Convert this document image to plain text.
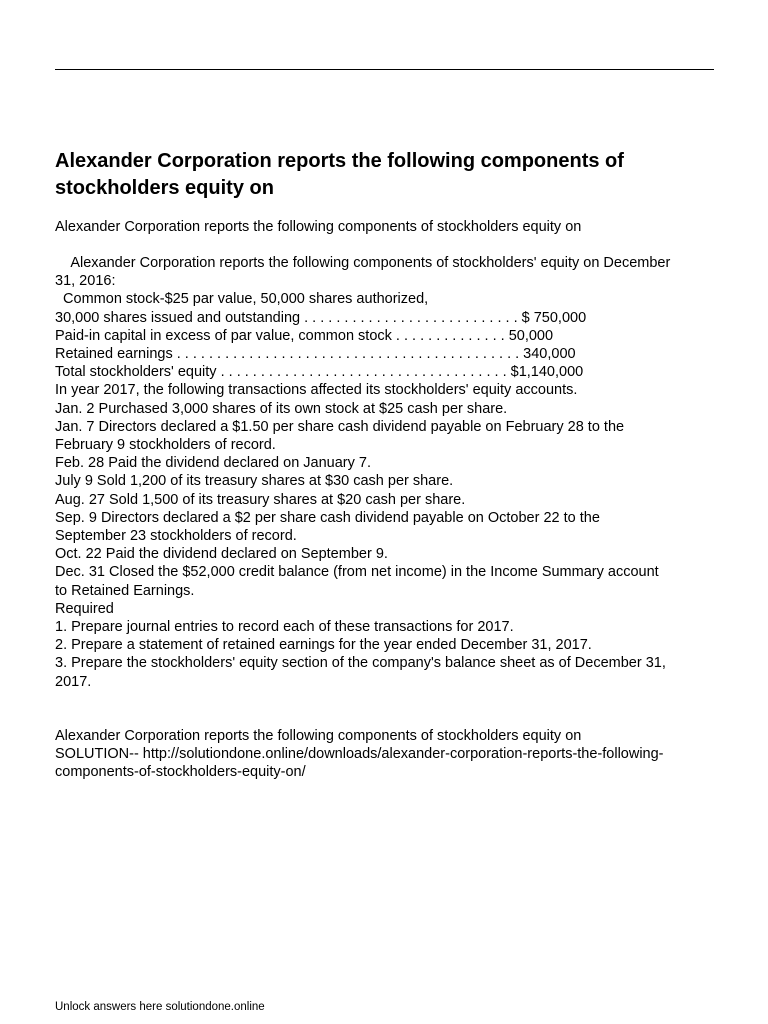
Alexander Corporation reports the following components of stockholders equity on

Alexander Corporation reports the following components of stockholders equity on

Alexander Corporation reports the following components of stockholders' equity on December
31, 2016:
Common stock-$25 par value, 50,000 shares authorized,
30,000 shares issued and outstanding . . . . . . . . . . . . . . . . . . . . . . . . . . . $ 750,000
Paid-in capital in excess of par value, common stock . . . . . . . . . . . . . . 50,000
Retained earnings . . . . . . . . . . . . . . . . . . . . . . . . . . . . . . . . . . . . . . . . . . . 340,000
Total stockholders' equity . . . . . . . . . . . . . . . . . . . . . . . . . . . . . . . . . . . . $1,140,000
In year 2017, the following transactions affected its stockholders' equity accounts.
Jan. 2 Purchased 3,000 shares of its own stock at $25 cash per share.
Jan. 7 Directors declared a $1.50 per share cash dividend payable on February 28 to the
February 9 stockholders of record.
Feb. 28 Paid the dividend declared on January 7.
July 9 Sold 1,200 of its treasury shares at $30 cash per share.
Aug. 27 Sold 1,500 of its treasury shares at $20 cash per share.
Sep. 9 Directors declared a $2 per share cash dividend payable on October 22 to the
September 23 stockholders of record.
Oct. 22 Paid the dividend declared on September 9.
Dec. 31 Closed the $52,000 credit balance (from net income) in the Income Summary account
to Retained Earnings.
Required
1. Prepare journal entries to record each of these transactions for 2017.
2. Prepare a statement of retained earnings for the year ended December 31, 2017.
3. Prepare the stockholders' equity section of the company's balance sheet as of December 31,
2017.
Alexander Corporation reports the following components of stockholders equity on
SOLUTION-- http://solutiondone.online/downloads/alexander-corporation-reports-the-following-
components-of-stockholders-equity-on/
Unlock answers here solutiondone.online
